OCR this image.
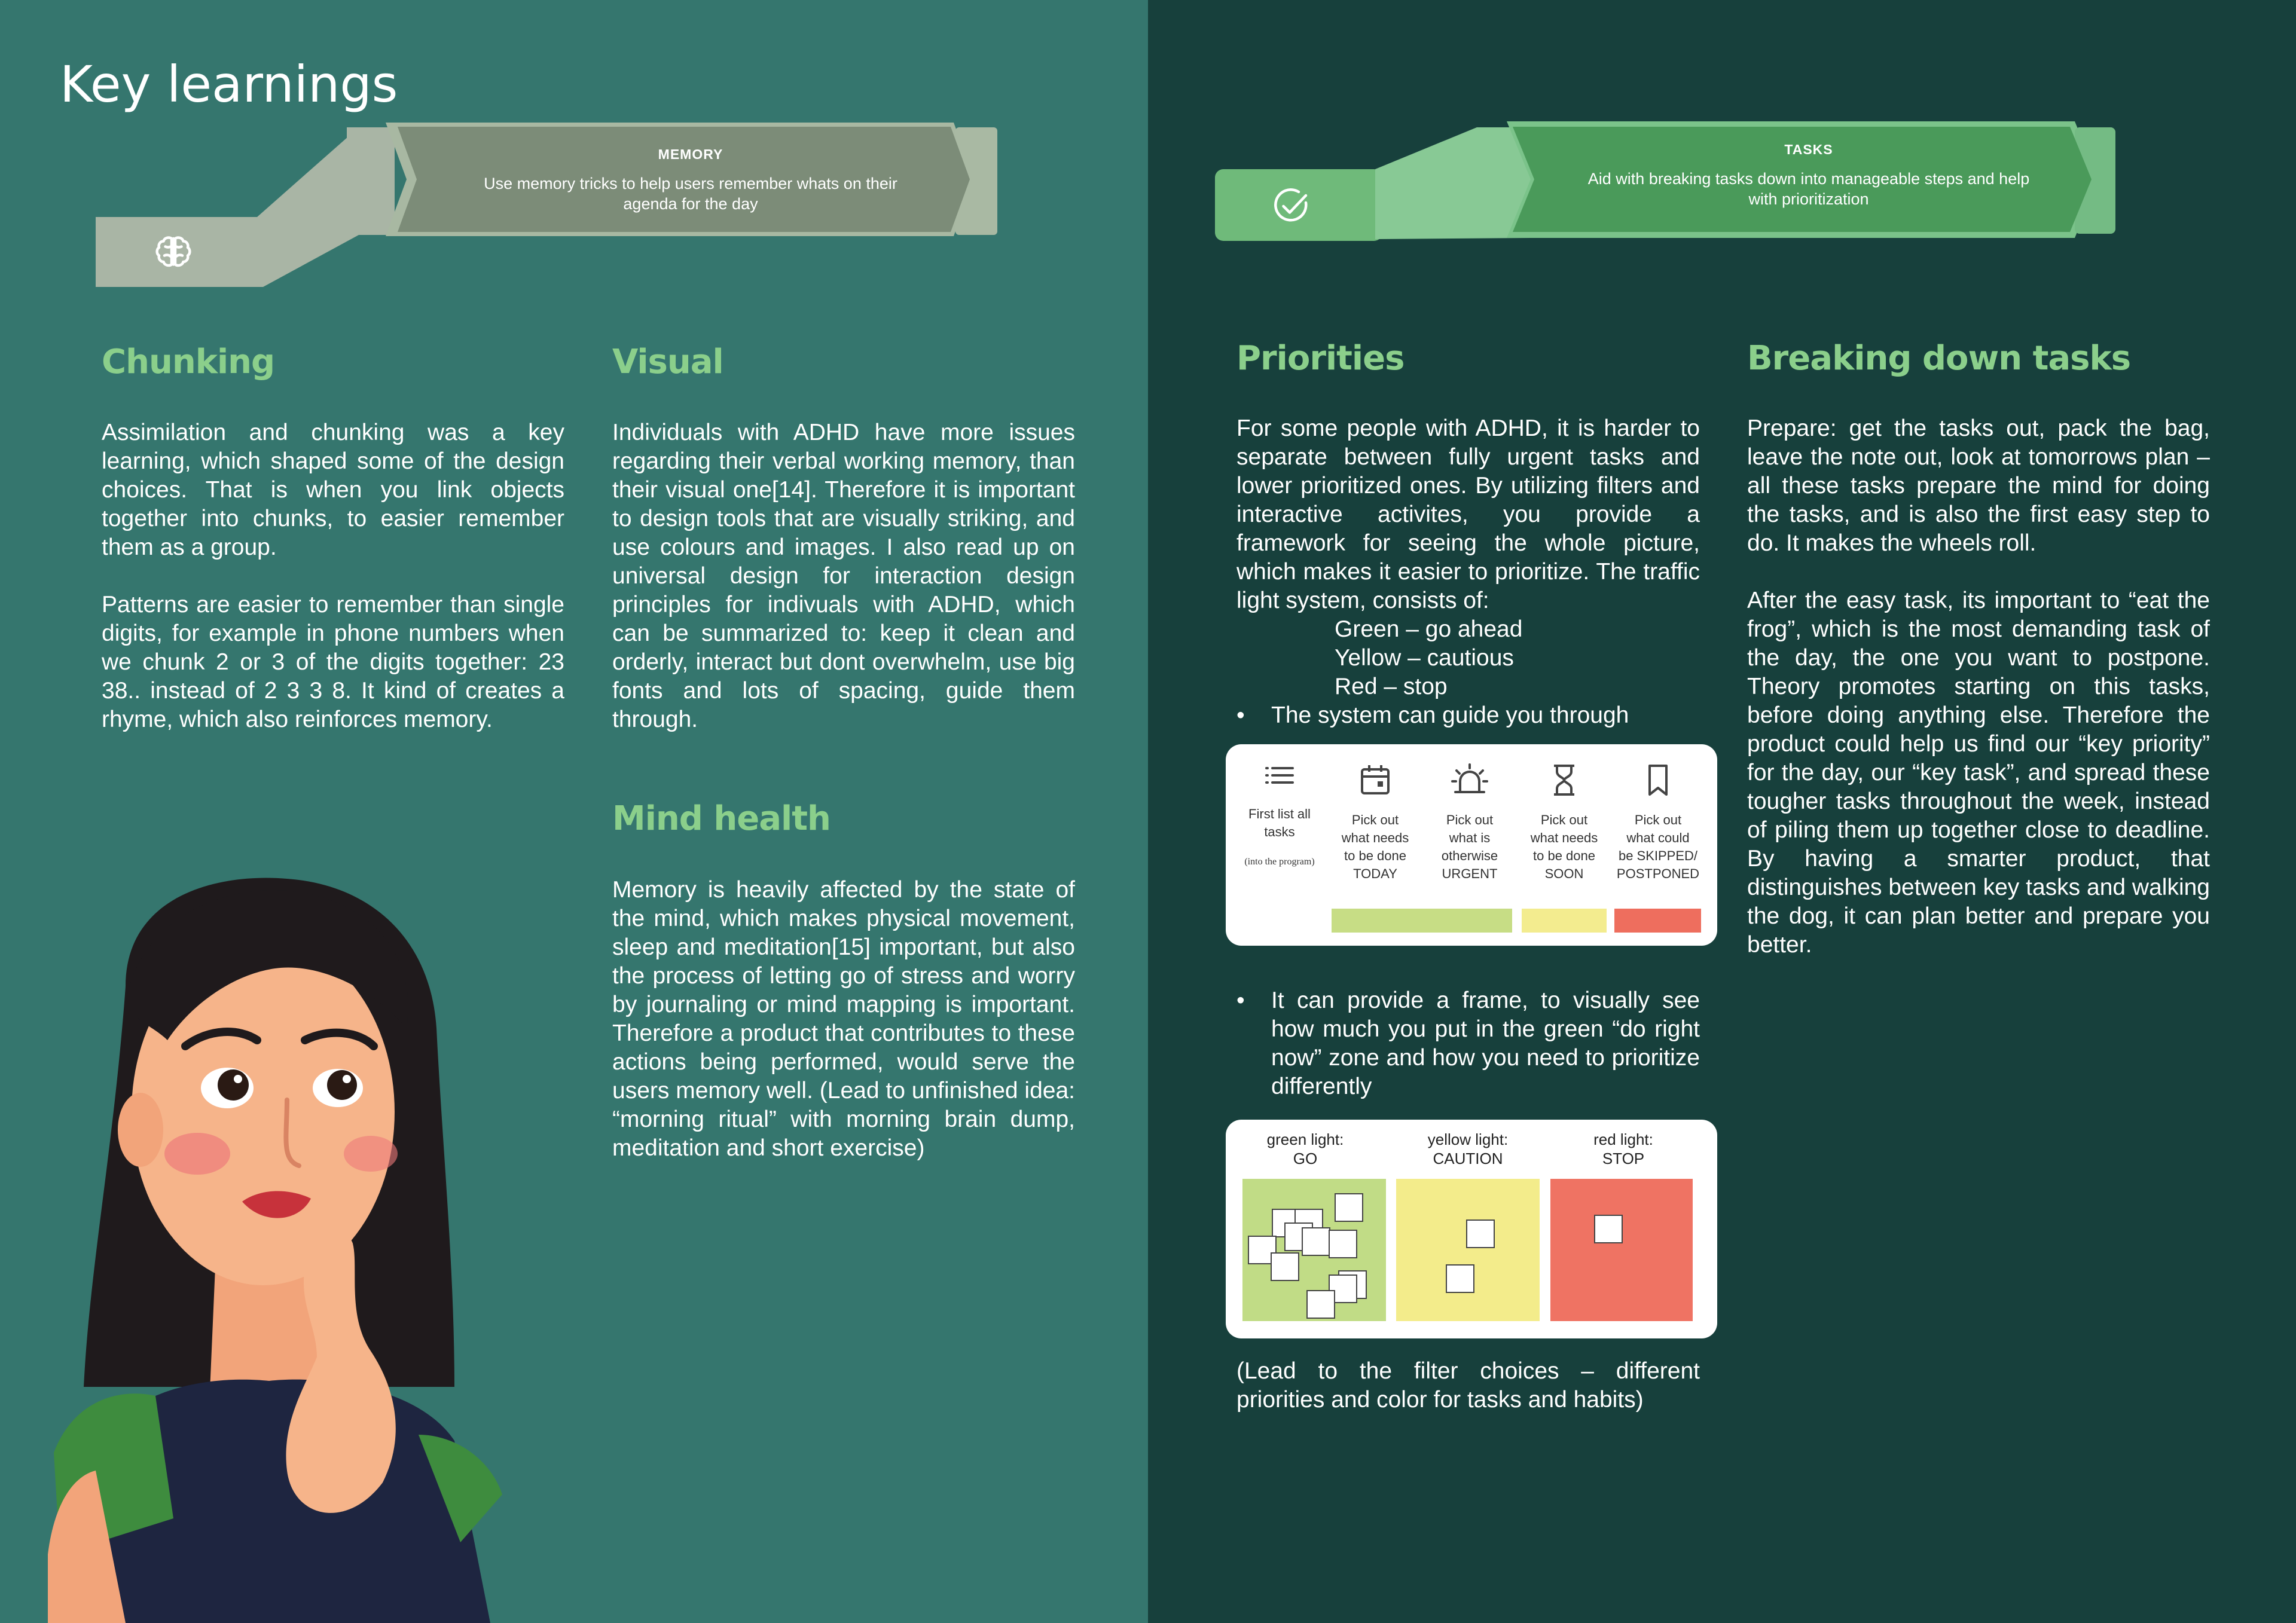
Key learnings
MEMORY
Use memory tricks to help users remember whats on their agenda for the day
TASKS
Aid with breaking tasks down into manageable steps and help with prioritization
Chunking

Assimilation and chunking was a key learning, which shaped some of the design choices. That is when you link objects together into chunks, to easier remember them as a group.

Patterns are easier to remember than single digits, for example in phone numbers when we chunk 2 or 3 of the digits together: 23 38.. instead of 2 3 3 8. It kind of creates a rhyme, which also reinforces memory.

Visual

Individuals with ADHD have more issues regarding their verbal working memory, than their visual one[14]. Therefore it is important to design tools that are visually striking, and use colours and images. I also read up on universal design for interaction design principles for indivuals with ADHD, which can be summarized to: keep it clean and orderly, interact but dont overwhelm, use big fonts and lots of spacing, guide them through.

Mind health

Memory is heavily affected by the state of the mind, which makes physical movement, sleep and meditation[15] important, but also the process of letting go of stress and worry by journaling or mind mapping is important. Therefore a product that contributes to these actions being performed, would serve the users memory well. (Lead to unfinished idea: “morning ritual” with morning brain dump, meditation and short exercise)

Priorities

For some people with ADHD, it is harder to separate between fully urgent tasks and lower prioritized ones. By utilizing filters and interactive activites, you provide a framework for seeing the whole picture, which makes it easier to prioritize. The traffic light system, consists of:

Green – go ahead
Yellow – cautious
Red – stop
• The system can guide you through
First list all
tasks
(into the program)
Pick out
what needs
to be done
TODAY
Pick out
what is
otherwise
URGENT
Pick out
what needs
to be done
SOON
Pick out
what could
be SKIPPED/
POSTPONED
• It can provide a frame, to visually see how much you put in the green “do right now” zone and how you need to prioritize differently
green light:
GO
yellow light:
CAUTION
red light:
STOP
(Lead to the filter choices – different priorities and color for tasks and habits)
Breaking down tasks

Prepare: get the tasks out, pack the bag, leave the note out, look at tomorrows plan – all these tasks prepare the mind for doing the tasks, and is also the first easy step to do. It makes the wheels roll.

After the easy task, its important to “eat the frog”, which is the most demanding task of the day, the one you want to postpone. Theory promotes starting on this tasks, before doing anything else. Therefore the product could help us find our “key priority” for the day, our “key task”, and spread these tougher tasks throughout the week, instead of piling them up together close to deadline. By having a smarter product, that distinguishes between key tasks and walking the dog, it can plan better and prepare you better.
